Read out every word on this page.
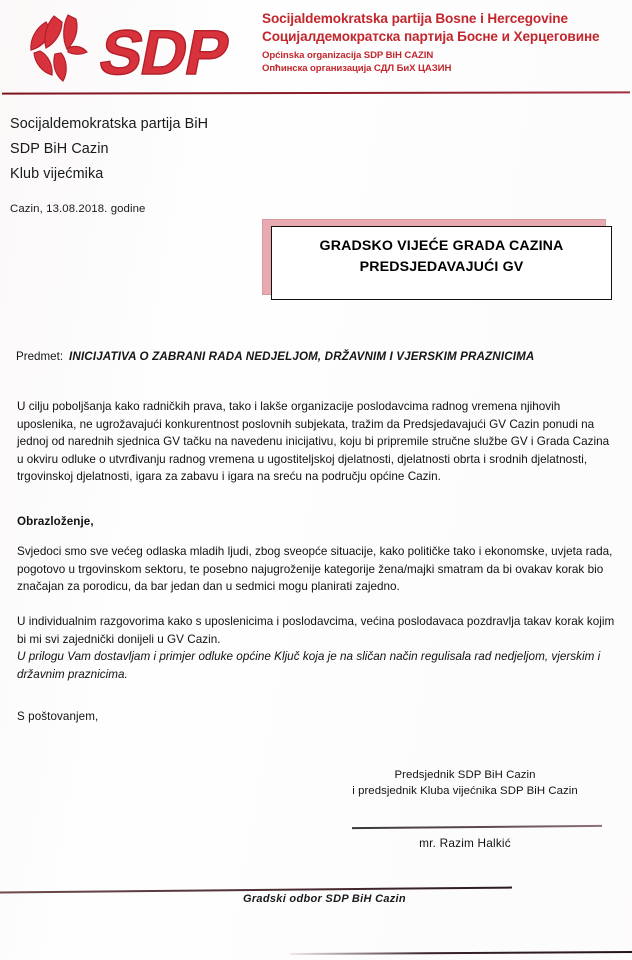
SDP Socijaldemokratska partija Bosne i Hercegovine
Социјалдемократска партија Босне и Херцеговине
Općinska organizacija SDP BiH CAZIN
Опћинска организација СДЛ БиХ ЦАЗИН
Socijaldemokratska partija BiH
SDP BiH Cazin
Klub vijećmika
Cazin, 13.08.2018. godine
GRADSKO VIJEĆE GRADA CAZINA
PREDSJEDAVAJUĆI GV
Predmet: INICIJATIVA O ZABRANI RADA NEDJELJOM, DRŽAVNIM I VJERSKIM PRAZNICIMA
U cilju poboljšanja kako radničkih prava, tako i lakše organizacije poslodavcima radnog vremena njihovih uposlenika, ne ugrožavajući konkurentnost poslovnih subjekata, tražim da Predsjedavajući GV Cazin ponudi na jednoj od narednih sjednica GV tačku na navedenu inicijativu, koju bi pripremile stručne službe GV i Grada Cazina u okviru odluke o utvrđivanju radnog vremena u ugostiteljskoj djelatnosti, djelatnosti obrta i srodnih djelatnosti, trgovinskoj djelatnosti, igara za zabavu i igara na sreću na području općine Cazin.
Obrazloženje,
Svjedoci smo sve većeg odlaska mladih ljudi, zbog sveopće situacije, kako političke tako i ekonomske, uvjeta rada, pogotovo u trgovinskom sektoru, te posebno najugroženije kategorije žena/majki smatram da bi ovakav korak bio značajan za porodicu, da bar jedan dan u sedmici mogu planirati zajedno.
U individualnim razgovorima kako s uposlenicima i poslodavcima, većina poslodavaca pozdravlja takav korak kojim bi mi svi zajednički donijeli u GV Cazin.
U prilogu Vam dostavljam i primjer odluke općine Ključ koja je na sličan način regulisala rad nedjeljom, vjerskim i državnim praznicima.
S poštovanjem,
Predsjednik SDP BiH Cazin
i predsjednik Kluba vijećnika SDP BiH Cazin
mr. Razim Halkić
Gradski odbor SDP BiH Cazin
